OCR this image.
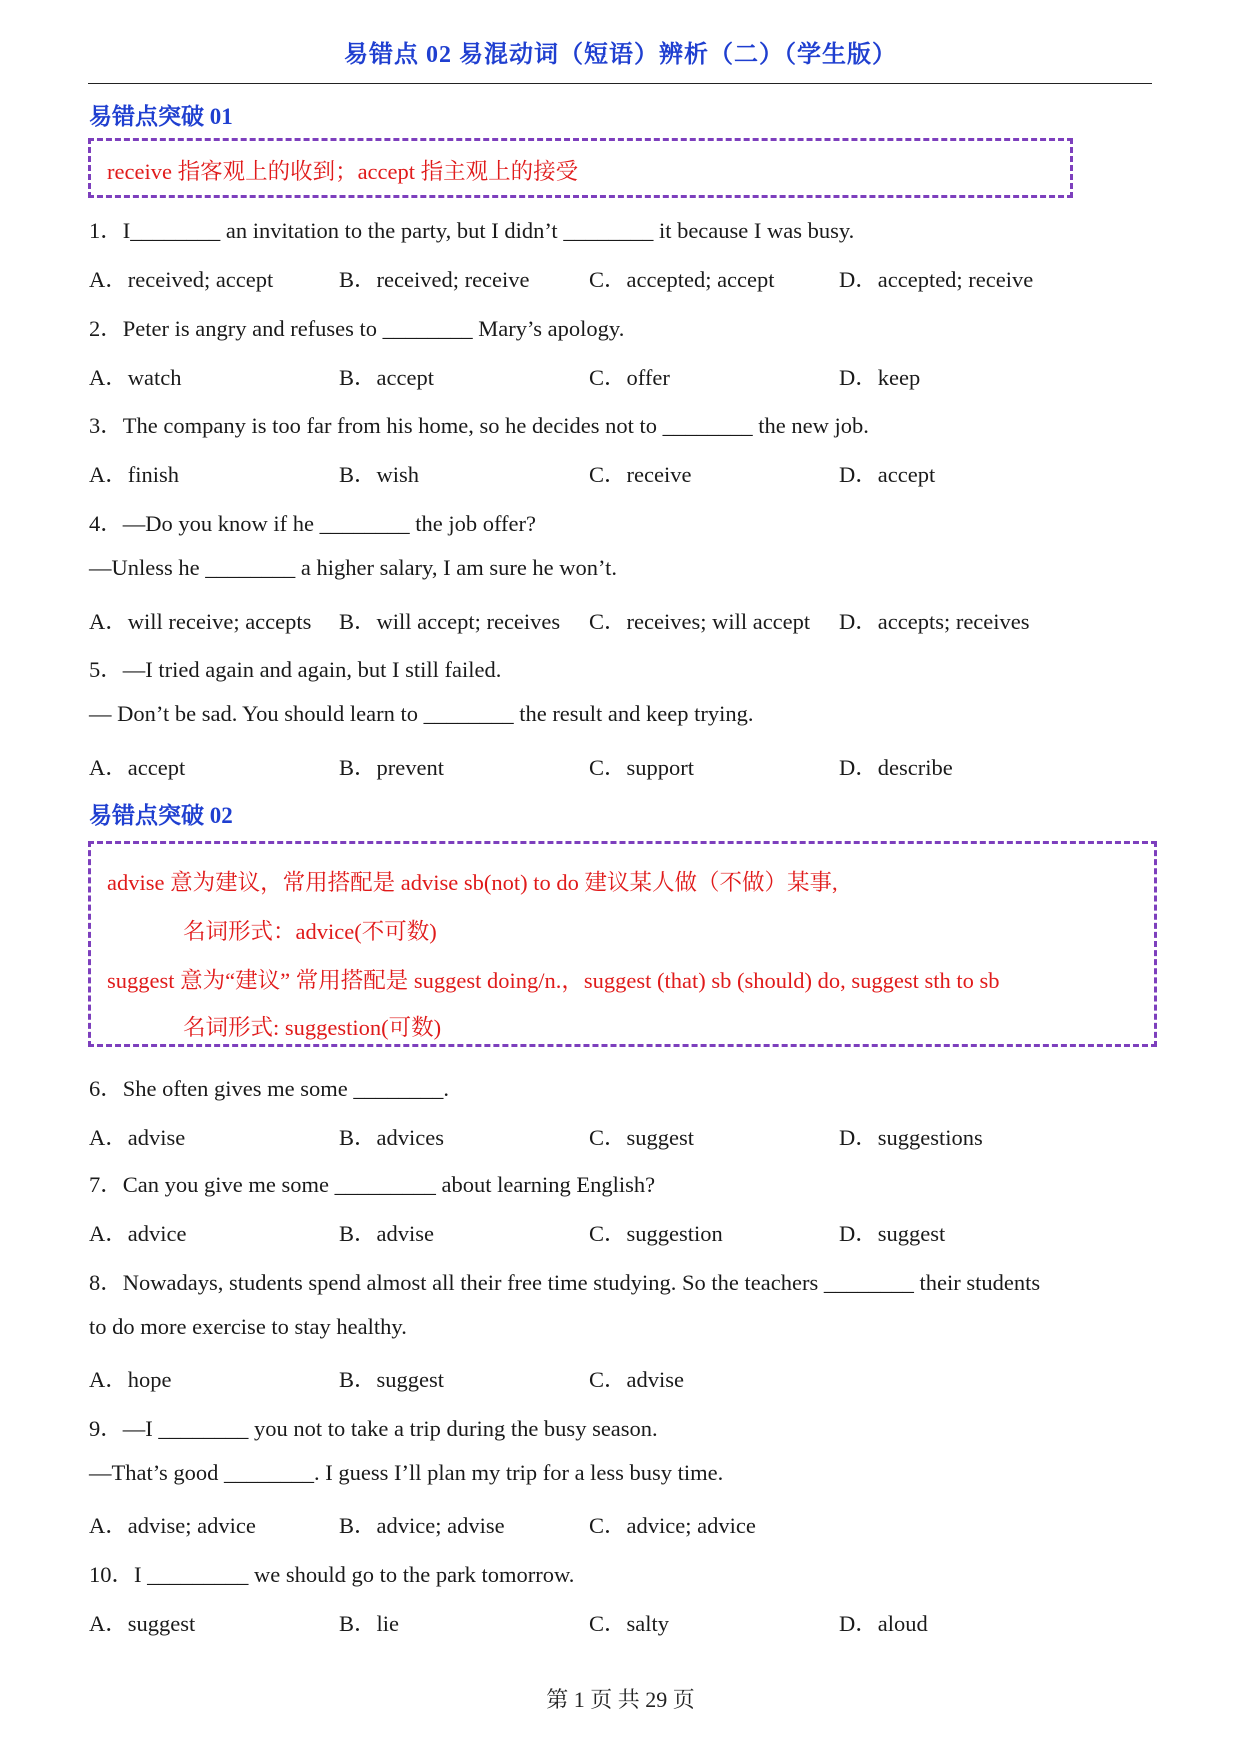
易错点 02 易混动词（短语）辨析（二）（学生版）
易错点突破 01
receive 指客观上的收到；accept 指主观上的接受
1．I________ an invitation to the party, but I didn’t ________ it because I was busy.
A．received; accept	B．received; receive	C．accepted; accept	D．accepted; receive
2．Peter is angry and refuses to ________ Mary’s apology.
A．watch	B．accept	C．offer	D．keep
3．The company is too far from his home, so he decides not to ________ the new job.
A．finish	B．wish	C．receive	D．accept
4．—Do you know if he ________ the job offer?
—Unless he ________ a higher salary, I am sure he won’t.
A．will receive; accepts B．will accept; receives C．receives; will accept D．accepts; receives
5．—I tried again and again, but I still failed.
— Don’t be sad. You should learn to ________ the result and keep trying.
A．accept	B．prevent	C．support	D．describe
易错点突破 02
advise 意为建议，常用搭配是 advise sb(not) to do 建议某人做（不做）某事,
名词形式：advice(不可数)
suggest 意为“建议” 常用搭配是 suggest doing/n.，suggest (that) sb (should) do, suggest sth to sb
名词形式: suggestion(可数)
6．She often gives me some ________.
A．advise	B．advices	C．suggest	D．suggestions
7．Can you give me some _________ about learning English?
A．advice	B．advise	C．suggestion	D．suggest
8．Nowadays, students spend almost all their free time studying. So the teachers ________ their students
to do more exercise to stay healthy.
A．hope	B．suggest	C．advise
9．—I ________ you not to take a trip during the busy season.
—That’s good ________. I guess I’ll plan my trip for a less busy time.
A．advise; advice	B．advice; advise	C．advice; advice
10．I _________ we should go to the park tomorrow.
A．suggest	B．lie	C．salty	D．aloud
第 1 页 共 29 页
